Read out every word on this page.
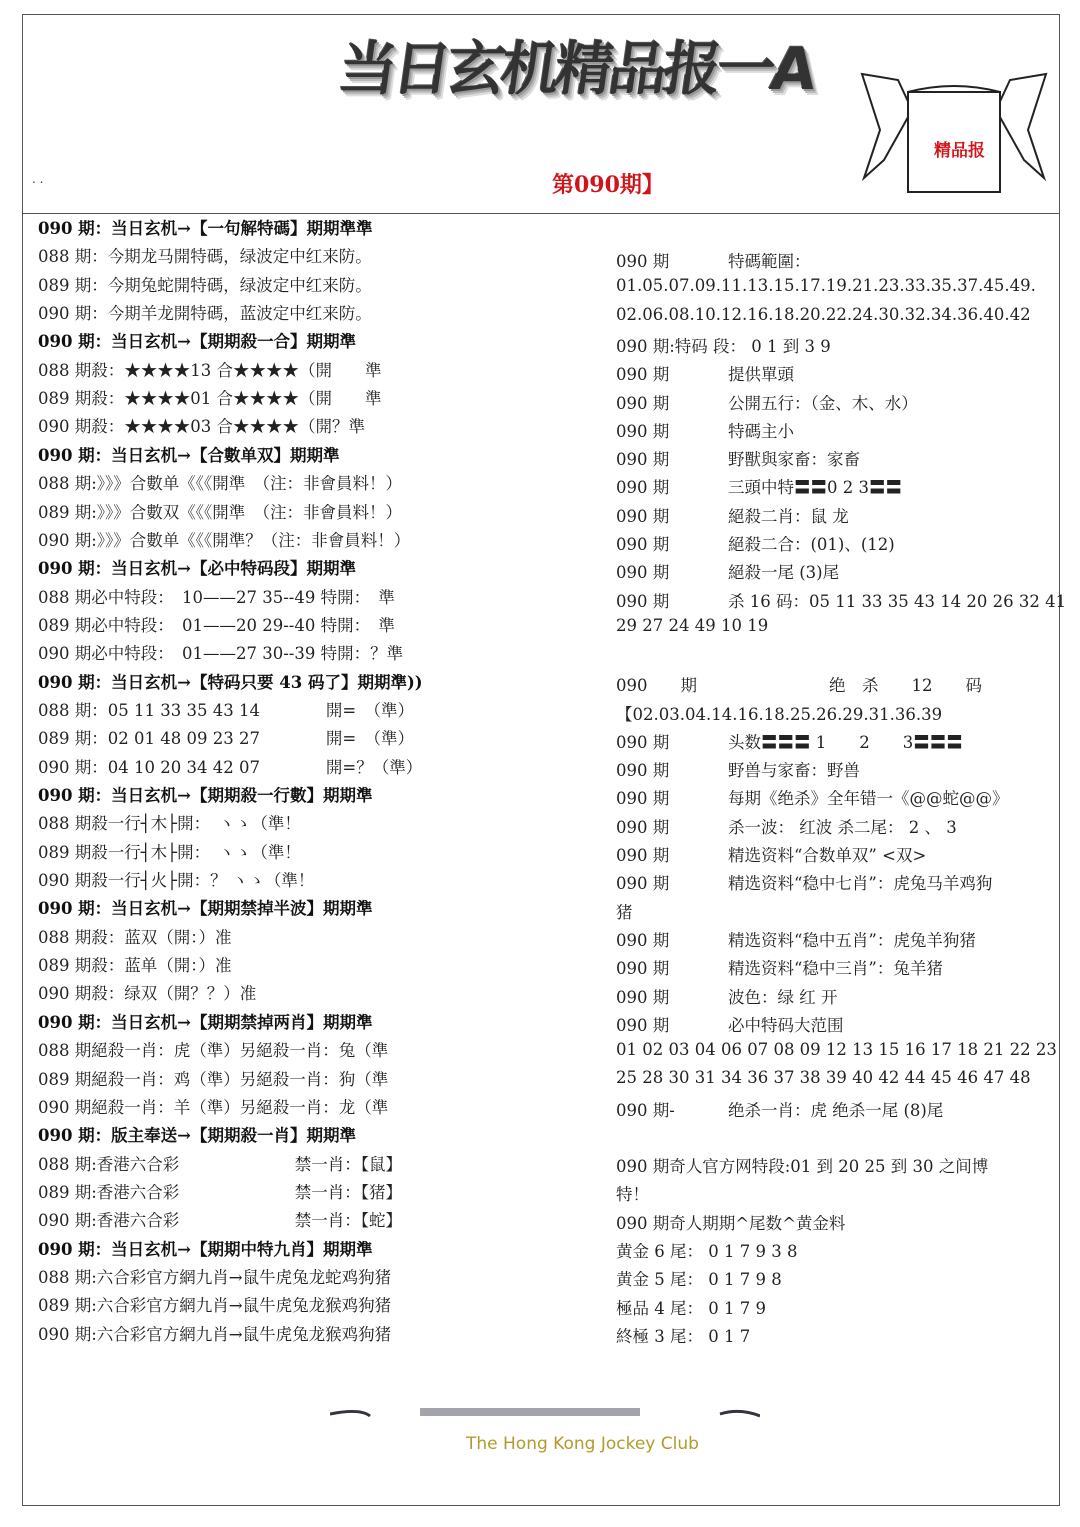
当日玄机精品报一A
. .	第090期】
精品报
090 期：当日玄机→【一句解特碼】期期準準
088 期：今期龙马開特碼，绿波定中红来防。
089 期：今期兔蛇開特碼，绿波定中红来防。
090 期：今期羊龙開特碼，蓝波定中红来防。
090 期：当日玄机→【期期殺一合】期期準
088 期殺：★★★★13 合★★★★（開　　準
089 期殺：★★★★01 合★★★★（開　　準
090 期殺：★★★★03 合★★★★（開？準
090 期：当日玄机→【合數单双】期期準
088 期:》》》合數单《《《開準　（注：非會員料！）
089 期:》》》合數双《《《開準　（注：非會員料！）
090 期:》》》合數单《《《開準？（注：非會員料！）
090 期：当日玄机→【必中特码段】期期準
088 期必中特段：　10——27 35--49 特開：　準
089 期必中特段：　01——20 29--40 特開：　準
090 期必中特段：　01——27 30--39 特開：？準
090 期：当日玄机→【特码只要 43 码了】期期準))
088 期：05 11 33 35 43 14　　　　開=　（準）
089 期：02 01 48 09 23 27　　　　開=　（準）
090 期：04 10 20 34 42 07　　　　開=？（準）
090 期：当日玄机→【期期殺一行數】期期準
088 期殺一行┤木├開：　ヽゝ（準！
089 期殺一行┤木├開：　ヽゝ（準！
090 期殺一行┤火├開：？ ヽゝ（準！
090 期：当日玄机→【期期禁掉半波】期期準
088 期殺：蓝双（開：）准
089 期殺：蓝单（開：）准
090 期殺：绿双（開？？）准
090 期：当日玄机→【期期禁掉两肖】期期準
088 期絕殺一肖：虎（準）另絕殺一肖：兔（準
089 期絕殺一肖：鸡（準）另絕殺一肖：狗（準
090 期絕殺一肖：羊（準）另絕殺一肖：龙（準
090 期：版主奉送→【期期殺一肖】期期準
088 期:香港六合彩　　　　　　　禁一肖：【鼠】
089 期:香港六合彩　　　　　　　禁一肖：【猪】
090 期:香港六合彩　　　　　　　禁一肖：【蛇】
090 期：当日玄机→【期期中特九肖】期期準
088 期:六合彩官方網九肖→鼠牛虎兔龙蛇鸡狗猪
089 期:六合彩官方網九肖→鼠牛虎兔龙猴鸡狗猪
090 期:六合彩官方網九肖→鼠牛虎兔龙猴鸡狗猪
090 期	特碼範圍：
01.05.07.09.11.13.15.17.19.21.23.33.35.37.45.49.
02.06.08.10.12.16.18.20.22.24.30.32.34.36.40.42
090 期:特码 段： 0 1 到 3 9
090 期	提供單頭
090 期	公開五行：（金、木、水）
090 期	特碼主小
090 期	野獸與家畜：家畜
090 期	三頭中特〓〓0 2 3〓〓
090 期	絕殺二肖：鼠 龙
090 期	絕殺二合：(01)、(12)
090 期	絕殺一尾 (3)尾
090 期	杀 16 码：05 11 33 35 43 14 20 26 32 41
29 27 24 49 10 19
090　　期　　　　　　　　绝　杀　　12　　码
【02.03.04.14.16.18.25.26.29.31.36.39
090 期	头数〓〓〓 1　　2　　3〓〓〓
090 期	野兽与家畜：野兽
090 期	每期《绝杀》全年错一《@@蛇@@》
090 期	杀一波： 红波 杀二尾： 2 、 3
090 期	精选资料“合数单双” <双>
090 期	精选资料“稳中七肖”：虎兔马羊鸡狗
猪
090 期	精选资料“稳中五肖”：虎兔羊狗猪
090 期	精选资料“稳中三肖”：兔羊猪
090 期	波色：绿 红 开
090 期	必中特码大范围
01 02 03 04 06 07 08 09 12 13 15 16 17 18 21 22 23
25 28 30 31 34 36 37 38 39 40 42 44 45 46 47 48
090 期-	绝杀一肖：虎 绝杀一尾 (8)尾
090 期奇人官方网特段:01 到 20 25 到 30 之间博
特！
090 期奇人期期^尾数^黄金料
黄金 6 尾： 0 1 7 9 3 8
黄金 5 尾： 0 1 7 9 8
極品 4 尾： 0 1 7 9
終極 3 尾： 0 1 7
The Hong Kong Jockey Club
